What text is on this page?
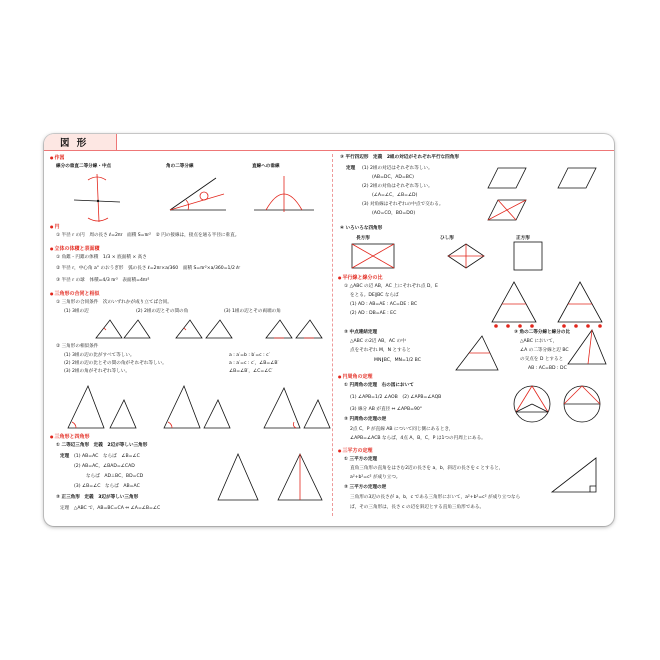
図 形
● 作図
線分の垂直二等分線・中点	角の二等分線	直線への垂線
● 円
① 半径 r の円　周の長さ ℓ=2πr　面積 S=πr²　② 円の接線は，接点を通る半径に垂直。
● 立体の体積と表面積
① 角錐・円錐の体積　1/3 × 底面積 × 高さ
② 半径 r，中心角 a° のおうぎ形　弧の長さ ℓ=2πr×a/360　面積 S=πr²×a/360=1/2 ℓr
③ 半径 r の球　体積=4/3 πr³　表面積=4πr²
● 三角形の合同と相似
① 三角形の合同条件　次のいずれかが成り立てば合同。
(1) 3組の辺	(2) 2組の辺とその間の角	(3) 1組の辺とその両端の角
② 三角形の相似条件
(1) 3組の辺の比がすべて等しい。	a : a′=b : b′=c : c′
(2) 2組の辺の比とその間の角がそれぞれ等しい。	a : a′=c : c′，∠B=∠B′
(3) 2組の角がそれぞれ等しい。	∠B=∠B′，∠C=∠C′
● 三角形と四角形
① 二等辺三角形　定義　2辺が等しい三角形
定理 (1) AB=AC　ならば　∠B=∠C
(2) AB=AC，∠BAD=∠CAD
ならば　AD⊥BC，BD=CD
(3) ∠B=∠C　ならば　AB=AC
② 正三角形　定義　3辺が等しい三角形
定理　△ABC で，AB=BC=CA ⇔ ∠A=∠B=∠C
③ 平行四辺形　定義　2組の対辺がそれぞれ平行な四角形
定理 (1) 2組の対辺はそれぞれ等しい。
(AB=DC，AD=BC)
(2) 2組の対角はそれぞれ等しい。
(∠A=∠C，∠B=∠D)
(3) 対角線はそれぞれの中点で交わる。
(AO=CO，BO=DO)
④ いろいろな四角形
長方形	ひし形	正方形
● 平行線と線分の比
① △ABC の辺 AB，AC 上にそれぞれ点 D，E
をとる。DE∥BC ならば
(1) AD : AB=AE : AC=DE : BC
(2) AD : DB=AE : EC
② 中点連結定理
△ABC の2辺 AB，AC の中
点をそれぞれ M，N とすると
MN∥BC，MN=1/2 BC
③ 角の二等分線と線分の比
△ABC において，
∠A の二等分線と辺 BC
の交点を D とすると
AB : AC=BD : DC
● 円周角の定理
① 円周角の定理　右の図において
(1) ∠APB=1/2 ∠AOB　(2) ∠APB=∠AQB
(3) 線分 AB が直径 ⇔ ∠APB=90°
② 円周角の定理の逆
2点 C，P が直線 AB について同じ側にあるとき，
∠APB=∠ACB ならば，4点 A，B，C，P は1つの円周上にある。
● 三平方の定理
① 三平方の定理
直角三角形の直角をはさむ2辺の長さを a，b，斜辺の長さを c とすると，
a²+b²=c² が成り立つ。
② 三平方の定理の逆
三角形の3辺の長さが a，b，c である三角形において，a²+b²=c² が成り立つなら
ば，その三角形は，長さ c の辺を斜辺とする直角三角形である。
